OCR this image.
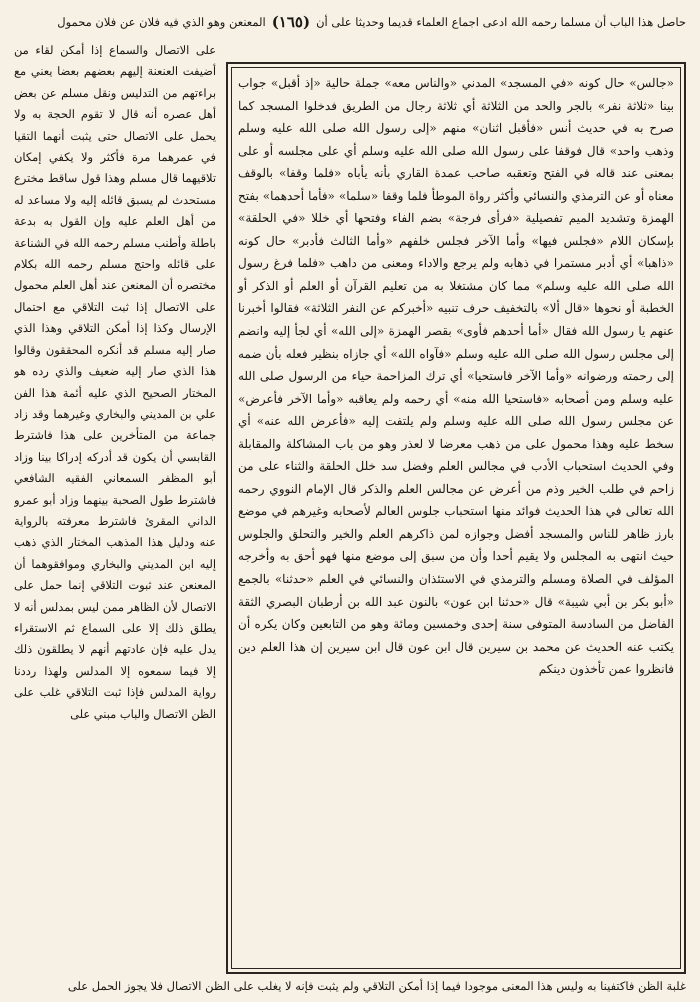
حاصل هذا الباب أن مسلما رحمه الله ادعى اجماع العلماء قديما وحديثا على أن
(١٦٥)
المعنعن وهو الذي فيه فلان عن فلان محمول

«جالس» حال كونه «في المسجد» المدني «والناس معه» جملة حالية «إذ أقبل» جواب بينا «ثلاثة نفر» بالجر والحد من الثلاثة أي ثلاثة رجال من الطريق فدخلوا المسجد كما صرح به في حديث أنس «فأقبل اثنان» منهم «إلى رسول الله صلى الله عليه وسلم وذهب واحد» قال فوقفا على رسول الله صلى الله عليه وسلم أي على مجلسه أو على بمعنى عند قاله في الفتح وتعقبه صاحب عمدة القاري بأنه يأباه «فلما وقفا» بالوقف معناه أو عن الترمذي والنسائي وأكثر رواة الموطأ فلما وقفا «سلما» «فأما أحدهما» بفتح الهمزة وتشديد الميم تفصيلية «فرأى فرجة» بضم الفاء وفتحها أي خللا «في الحلقة» بإسكان اللام «فجلس فيها» وأما الآخر فجلس خلفهم «وأما الثالث فأدبر» حال كونه «ذاهبا» أي أدبر مستمرا في ذهابه ولم يرجع والاداء ومعنى من داهب «فلما فرغ رسول الله صلى الله عليه وسلم» مما كان مشتغلا به من تعليم القرآن أو العلم أو الذكر أو الخطبة أو نحوها «قال ألا» بالتخفيف حرف تنبيه «أخبركم عن النفر الثلاثة» فقالوا أخبرنا عنهم يا رسول الله فقال «أما أحدهم فأوى» بقصر الهمزة «إلى الله» أي لجأ إليه وانضم إلى مجلس رسول الله صلى الله عليه وسلم «فآواه الله» أي جازاه بنظير فعله بأن ضمه إلى رحمته ورضوانه «وأما الآخر فاستحيا» أي ترك المزاحمة حياء من الرسول صلى الله عليه وسلم ومن أصحابه «فاستحيا الله منه» أي رحمه ولم يعاقبه «وأما الآخر فأعرض» عن مجلس رسول الله صلى الله عليه وسلم ولم يلتفت إليه «فأعرض الله عنه» أي سخط عليه وهذا محمول على من ذهب معرضا لا لعذر وهو من باب المشاكلة والمقابلة وفي الحديث استحباب الأدب في مجالس العلم وفضل سد خلل الحلقة والثناء على من زاحم في طلب الخير وذم من أعرض عن مجالس العلم والذكر قال الإمام النووي رحمه الله تعالى في هذا الحديث فوائد منها استحباب جلوس العالم لأصحابه وغيرهم في موضع بارز ظاهر للناس والمسجد أفضل وجوازه لمن ذاكرهم العلم والخير والتحلق والجلوس حيث انتهى به المجلس ولا يقيم أحدا وأن من سبق إلى موضع منها فهو أحق به وأخرجه المؤلف في الصلاة ومسلم والترمذي في الاستئذان والنسائي في العلم «حدثنا» بالجمع «أبو بكر بن أبي شيبة» قال «حدثنا ابن عون» بالنون عبد الله بن أرطبان البصري الثقة الفاضل من السادسة المتوفى سنة إحدى وخمسين ومائة وهو من التابعين وكان يكره أن يكتب عنه الحديث عن محمد بن سيرين قال ابن عون قال ابن سيرين إن هذا العلم دين فانظروا عمن تأخذون دينكم

على الاتصال والسماع إذا أمكن لقاء من أضيفت العنعنة إليهم بعضهم بعضا يعني مع براءتهم من التدليس ونقل مسلم عن بعض أهل عصره أنه قال لا تقوم الحجة به ولا يحمل على الاتصال حتى يثبت أنهما التقيا في عمرهما مرة فأكثر ولا يكفي إمكان تلاقيهما قال مسلم وهذا قول ساقط مخترع مستحدث لم يسبق قائله إليه ولا مساعد له من أهل العلم عليه وإن القول به بدعة باطلة وأطنب مسلم رحمه الله في الشناعة على قائله واحتج مسلم رحمه الله بكلام مختصره أن المعنعن عند أهل العلم محمول على الاتصال إذا ثبت التلاقي مع احتمال الإرسال وكذا إذا أمكن التلاقي وهذا الذي صار إليه مسلم قد أنكره المحققون وقالوا هذا الذي صار إليه ضعيف والذي رده هو المختار الصحيح الذي عليه أئمة هذا الفن علي بن المديني والبخاري وغيرهما وقد زاد جماعة من المتأخرين على هذا فاشترط القابسي أن يكون قد أدركه إدراكا بينا وزاد أبو المظفر السمعاني الفقيه الشافعي فاشترط طول الصحبة بينهما وزاد أبو عمرو الداني المقرئ فاشترط معرفته بالرواية عنه ودليل هذا المذهب المختار الذي ذهب إليه ابن المديني والبخاري وموافقوهما أن المعنعن عند ثبوت التلاقي إنما حمل على الاتصال لأن الظاهر ممن ليس بمدلس أنه لا يطلق ذلك إلا على السماع ثم الاستقراء يدل عليه فإن عادتهم أنهم لا يطلقون ذلك إلا فيما سمعوه إلا المدلس ولهذا رددنا رواية المدلس فإذا ثبت التلاقي غلب على الظن الاتصال والباب مبني على

غلبة الظن فاكتفينا به وليس هذا المعنى موجودا فيما إذا أمكن التلاقي ولم يثبت فإنه لا يغلب على الظن الاتصال فلا يجوز الحمل على
